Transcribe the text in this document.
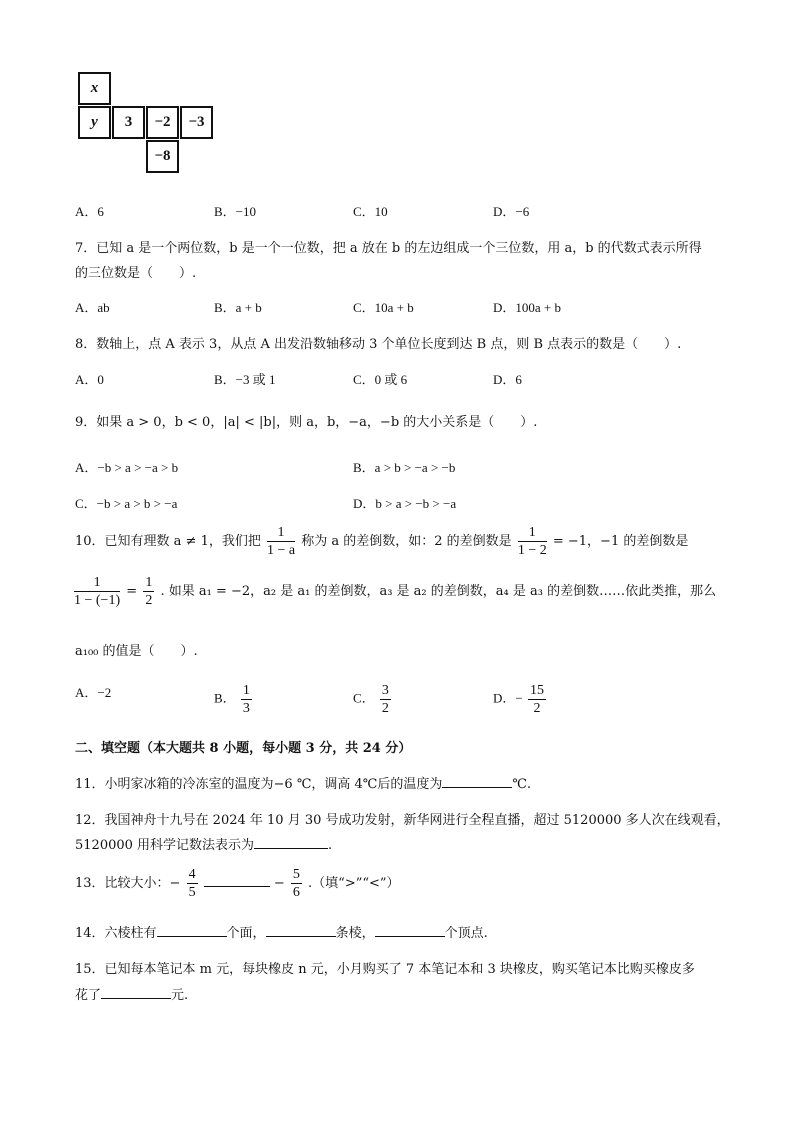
x
y	3	−2	−3
−8
A．6	B．−10	C．10	D．−6
7．已知 a 是一个两位数，b 是一个一位数，把 a 放在 b 的左边组成一个三位数，用 a，b 的代数式表示所得
的三位数是（　　）.
A．ab	B．a + b	C．10a + b	D．100a + b
8．数轴上，点 A 表示 3，从点 A 出发沿数轴移动 3 个单位长度到达 B 点，则 B 点表示的数是（　　）.
A．0	B．−3 或 1	C．0 或 6	D．6
9．如果 a > 0，b < 0，|a| < |b|，则 a，b，−a，−b 的大小关系是（　　）.
A．−b > a > −a > b	B．a > b > −a > −b
C．−b > a > b > −a	D．b > a > −b > −a
10．已知有理数 a ≠ 1，我们把 $\frac{1}{1 - a}$ 称为 a 的差倒数，如：2 的差倒数是 $\frac{1}{1 - 2} = -1$，−1 的差倒数是
$\frac{1}{1 - (-1)} = \frac{1}{2}$ . 如果 a₁ = −2，a₂ 是 a₁ 的差倒数，a₃ 是 a₂ 的差倒数，a₄ 是 a₃ 的差倒数……依此类推，那么
a₁₀₀ 的值是（　　）.
A．−2	B． $\frac{1}{3}$	C． $\frac{3}{2}$	D．− $\frac{15}{2}$
二、填空题（本大题共 8 小题，每小题 3 分，共 24 分）
11．小明家冰箱的冷冻室的温度为−6 ℃，调高 4℃后的温度为	℃.
12．我国神舟十九号在 2024 年 10 月 30 号成功发射，新华网进行全程直播，超过 5120000 多人次在线观看，
5120000 用科学记数法表示为	.
13．比较大小：− $\frac{4}{5}$	− $\frac{5}{6}$ .（填“>”“<”）
14．六棱柱有	个面，	条棱，	个顶点.
15．已知每本笔记本 m 元，每块橡皮 n 元，小月购买了 7 本笔记本和 3 块橡皮，购买笔记本比购买橡皮多
花了	元.
